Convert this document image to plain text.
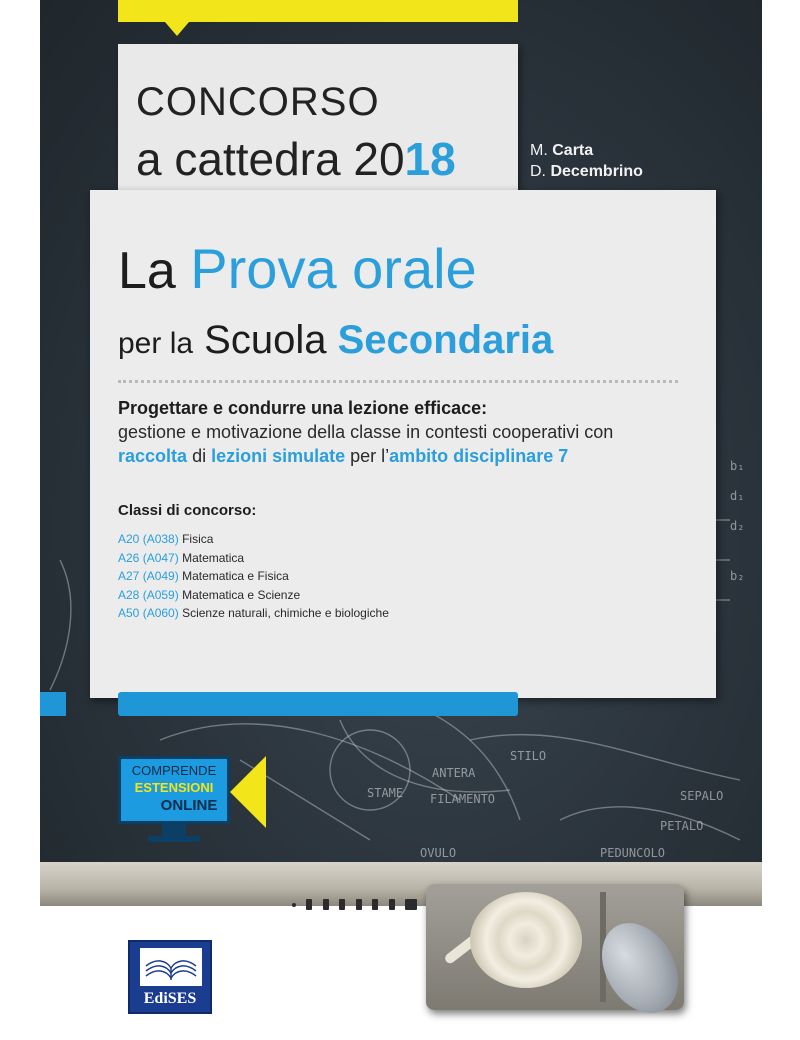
ANTERA
STAME FILAMENTO
OVULO	PEDUNCOLO
STILO
PETALO
SEPALO
b₁
b₂
d₂
d₁
CONCORSO
a cattedra 2018	M. Carta
D. Decembrino
La Prova orale
per la Scuola Secondaria
Progettare e condurre una lezione efficace:
gestione e motivazione della classe in contesti cooperativi con
raccolta di lezioni simulate per l’ambito disciplinare 7
Classi di concorso:
A20 (A038) Fisica
A26 (A047) Matematica
A27 (A049) Matematica e Fisica
A28 (A059) Matematica e Scienze
A50 (A060) Scienze naturali, chimiche e biologiche
COMPRENDE
ESTENSIONI
ONLINE

EdiSES
